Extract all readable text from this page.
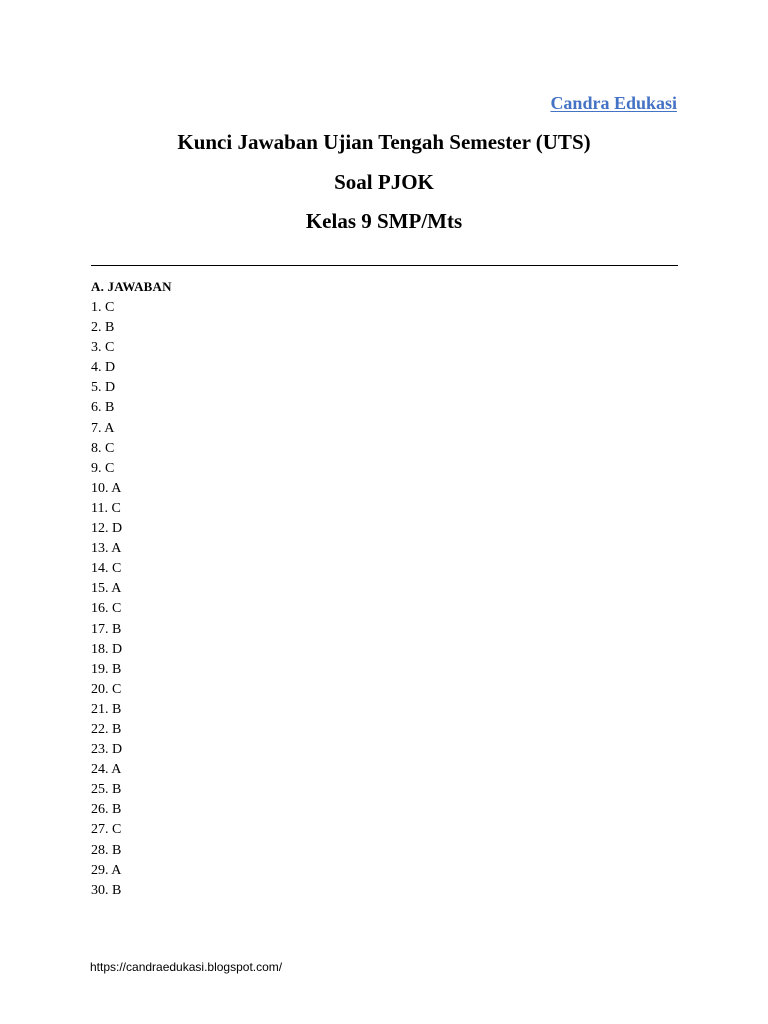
Candra Edukasi
Kunci Jawaban Ujian Tengah Semester (UTS)
Soal PJOK
Kelas 9 SMP/Mts
A. JAWABAN
1 . C
2 . B
3 . C
4 . D
5 . D
6 . B
7 . A
8 . C
9 . C
10 . A
11 . C
12 . D
13 . A
14 . C
15 . A
16 . C
17 . B
18 . D
19 . B
20 . C
21 . B
22 . B
23 . D
24 . A
25 . B
26 . B
27 . C
28 . B
29 . A
30 . B
https://candraedukasi.blogspot.com/
